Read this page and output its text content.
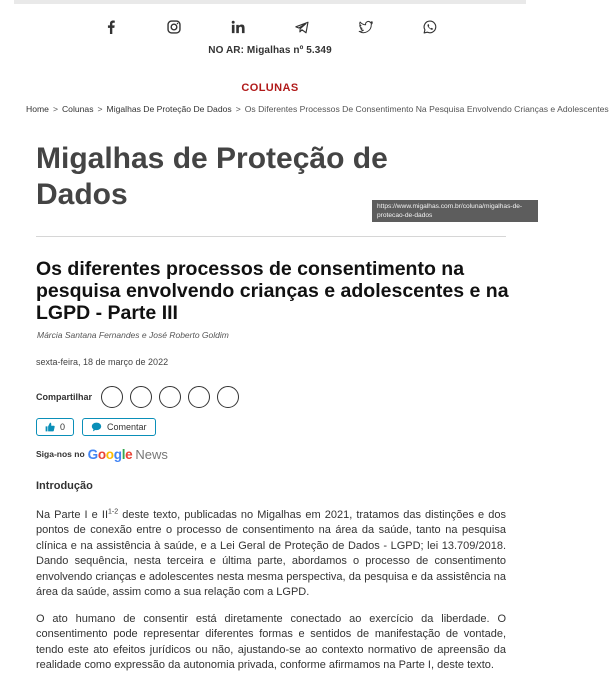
NO AR: Migalhas nº 5.349
COLUNAS
Home > Colunas > Migalhas De Proteção De Dados > Os Diferentes Processos De Consentimento Na Pesquisa Envolvendo Crianças e Adolescentes
Migalhas de Proteção de Dados	https://www.migalhas.com.br/coluna/migalhas-de-protecao-de-dados
Os diferentes processos de consentimento na pesquisa envolvendo crianças e adolescentes e na LGPD - Parte III
Márcia Santana Fernandes e José Roberto Goldim
sexta-feira, 18 de março de 2022
Compartilhar
0	Comentar
Siga-nos no Google News
Introdução

Na Parte I e II$^{1-2}$ deste texto, publicadas no Migalhas em 2021, tratamos das distinções e dos pontos de conexão entre o processo de consentimento na área da saúde, tanto na pesquisa clínica e na assistência à saúde, e a Lei Geral de Proteção de Dados - LGPD; lei 13.709/2018. Dando sequência, nesta terceira e última parte, abordamos o processo de consentimento envolvendo crianças e adolescentes nesta mesma perspectiva, da pesquisa e da assistência na área da saúde, assim como a sua relação com a LGPD.

O ato humano de consentir está diretamente conectado ao exercício da liberdade. O consentimento pode representar diferentes formas e sentidos de manifestação de vontade, tendo este ato efeitos jurídicos ou não, ajustando-se ao contexto normativo de apreensão da realidade como expressão da autonomia privada, conforme afirmamos na Parte I, deste texto.
